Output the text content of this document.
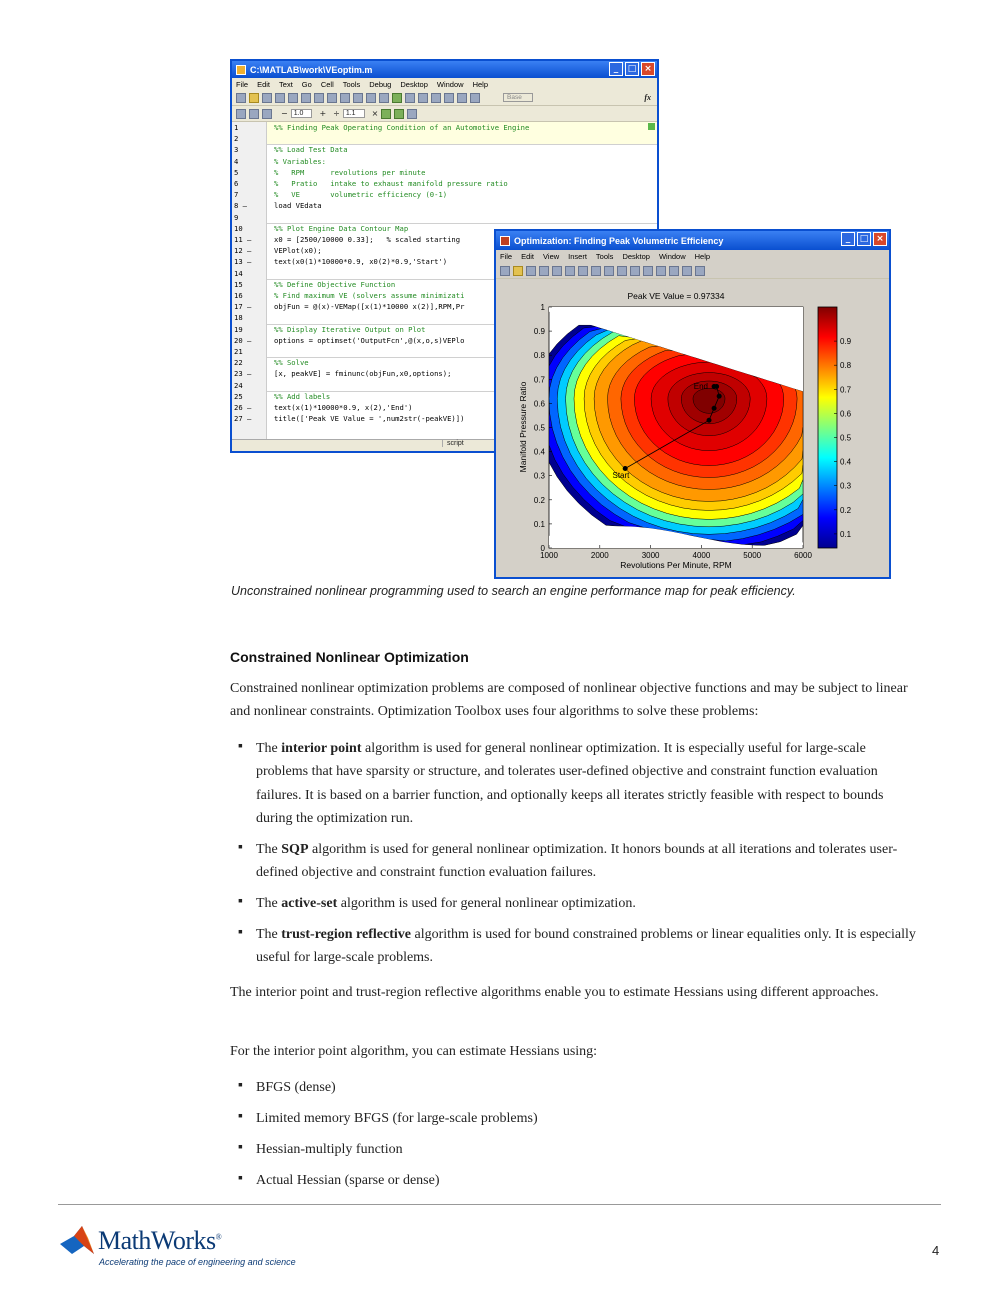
C:\MATLAB\work\VEoptim.m	_	□ ×
File Edit Text Go Cell Tools Debug Desktop Window Help
Base	fx
− 1.0	+ ÷ 1.1	×
1	%% Finding Peak Operating Condition of an Automotive Engine
2
3	%% Load Test Data
4	% Variables:
5	%   RPM      revolutions per minute
6	%   Pratio   intake to exhaust manifold pressure ratio
7	%   VE       volumetric efficiency (0-1)
8 –	load VEdata
9
10	%% Plot Engine Data Contour Map
11 –	x0 = [2500/10000 0.33];   % scaled starting
12 –	VEPlot(x0);
13 –	text(x0(1)*10000*0.9, x0(2)*0.9,'Start')
14
15	%% Define Objective Function
16	% Find maximum VE (solvers assume minimizati
17 –	objFun = @(x)-VEMap([x(1)*10000 x(2)],RPM,Pr
18
19	%% Display Iterative Output on Plot
20 –	options = optimset('OutputFcn',@(x,o,s)VEPlo
21
22	%% Solve
23 –	[x, peakVE] = fminunc(objFun,x0,options);
24
25	%% Add labels
26 –	text(x(1)*10000*0.9, x(2),'End')
27 –	title(['Peak VE Value = ',num2str(-peakVE)])
script
Optimization: Finding Peak Volumetric Efficiency	_	□ ×
File Edit View Insert Tools Desktop Window Help
Start
End
Peak VE Value = 0.97334
1000	2000	3000	4000	5000	6000
0
0.1
0.2
0.3
0.4
0.5
0.6
0.7
0.8
0.9
1
Revolutions Per Minute, RPM
Manifold Pressure Ratio
0.1
0.2
0.3
0.4
0.5
0.6
0.7
0.8
0.9
Unconstrained nonlinear programming used to search an engine performance map for peak efficiency.
Constrained Nonlinear Optimization
Constrained nonlinear optimization problems are composed of nonlinear objective functions and may be subject to linear and nonlinear constraints. Optimization Toolbox uses four algorithms to solve these problems:
▪ The interior point algorithm is used for general nonlinear optimization. It is especially useful for large-scale problems that have sparsity or structure, and tolerates user-defined objective and constraint function evaluation failures. It is based on a barrier function, and optionally keeps all iterates strictly feasible with respect to bounds during the optimization run.
▪ The SQP algorithm is used for general nonlinear optimization. It honors bounds at all iterations and tolerates user-defined objective and constraint function evaluation failures.
▪ The active-set algorithm is used for general nonlinear optimization.
▪ The trust-region reflective algorithm is used for bound constrained problems or linear equalities only. It is especially useful for large-scale problems.
The interior point and trust-region reflective algorithms enable you to estimate Hessians using different approaches.
For the interior point algorithm, you can estimate Hessians using:
▪ BFGS (dense)
▪ Limited memory BFGS (for large-scale problems)
▪ Hessian-multiply function
▪ Actual Hessian (sparse or dense)
MathWorks®
Accelerating the pace of engineering and science
4
